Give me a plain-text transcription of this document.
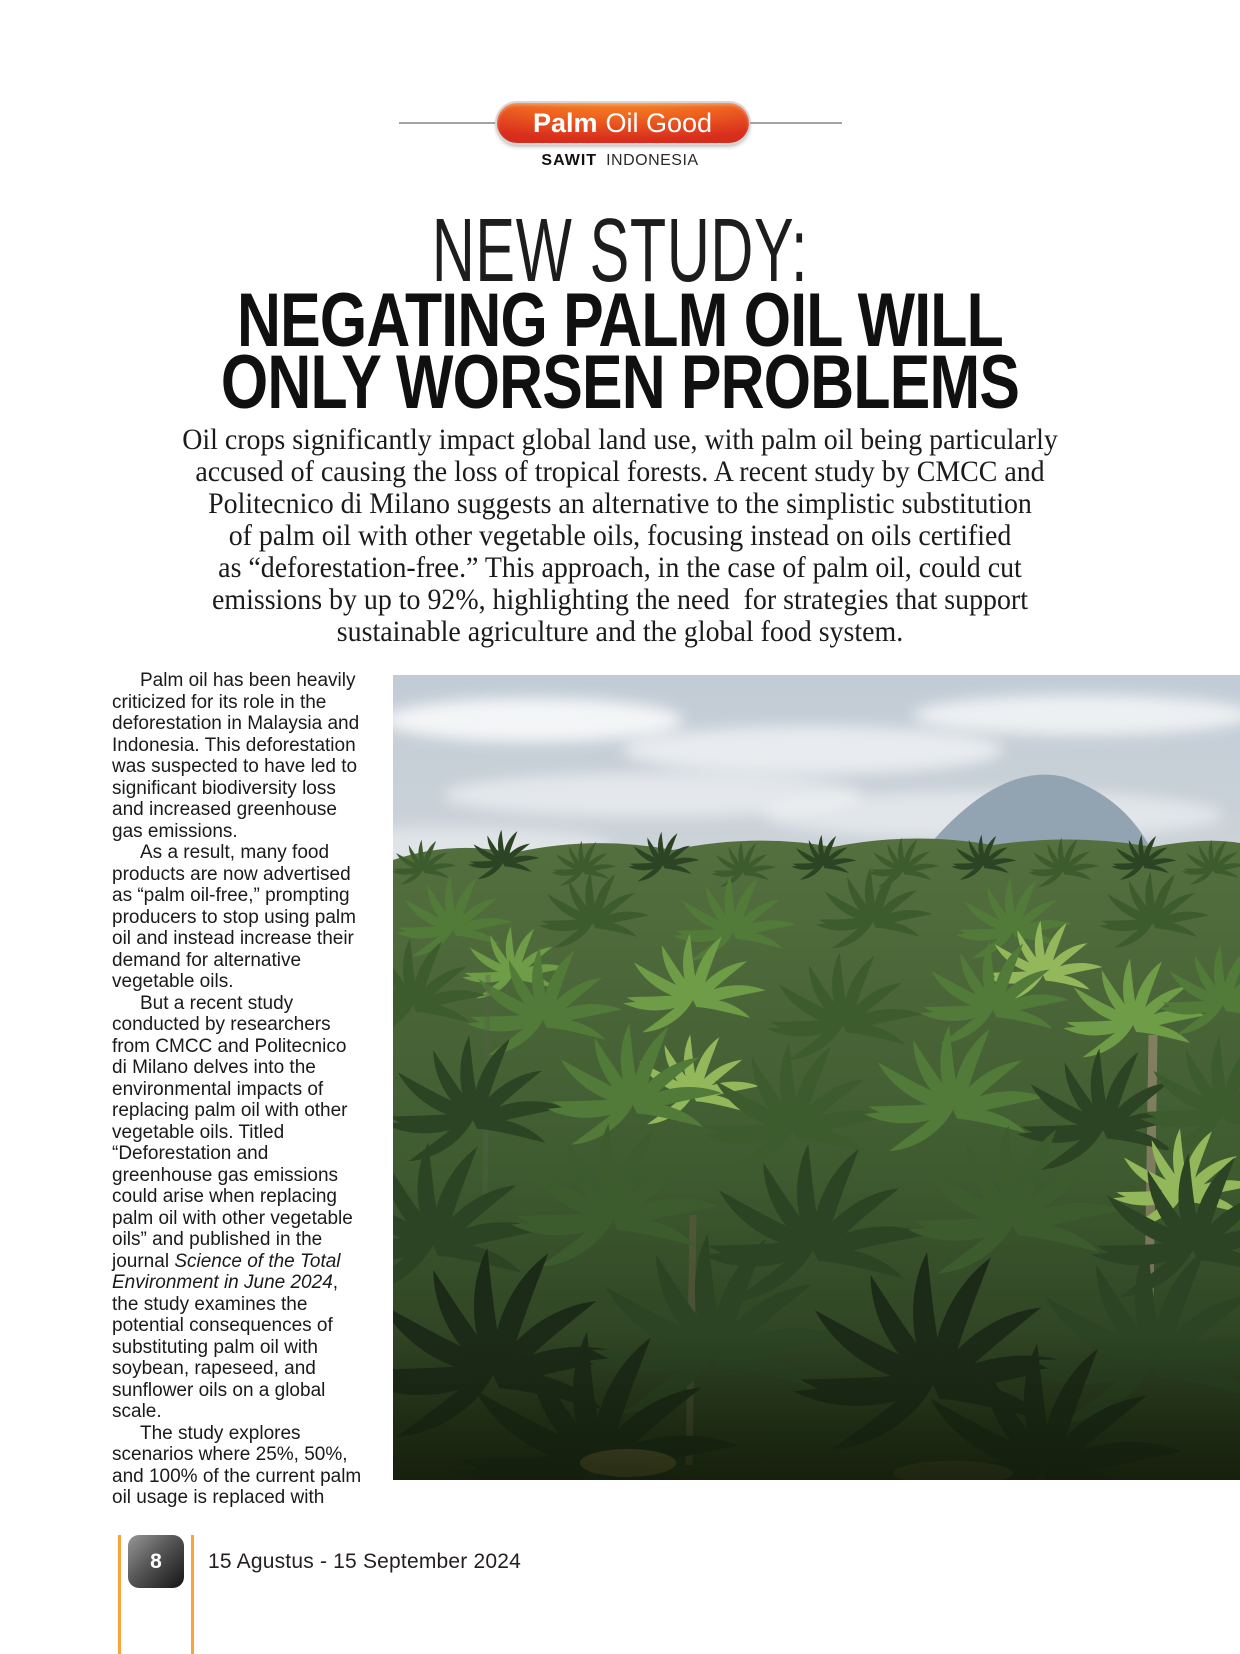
Palm Oil Good
SAWIT INDONESIA
NEW STUDY:
NEGATING PALM OIL WILL
ONLY WORSEN PROBLEMS
Oil crops significantly impact global land use, with palm oil being particularly
accused of causing the loss of tropical forests. A recent study by CMCC and
Politecnico di Milano suggests an alternative to the simplistic substitution
of palm oil with other vegetable oils, focusing instead on oils certified
as “deforestation-free.” This approach, in the case of palm oil, could cut
emissions by up to 92%, highlighting the need  for strategies that support
sustainable agriculture and the global food system.

Palm oil has been heavily criticized for its role in the deforestation in Malaysia and Indonesia. This deforestation was suspected to have led to significant biodiversity loss and increased greenhouse gas emissions.

As a result, many food products are now advertised as “palm oil-free,” prompting producers to stop using palm oil and instead increase their demand for alternative vegetable oils.

But a recent study conducted by researchers from CMCC and Politecnico di Milano delves into the environmental impacts of replacing palm oil with other vegetable oils. Titled “Deforestation and greenhouse gas emissions could arise when replacing palm oil with other vegetable oils” and published in the journal Science of the Total Environment in June 2024, the study examines the potential consequences of substituting palm oil with soybean, rapeseed, and sunflower oils on a global scale.

The study explores scenarios where 25%, 50%, and 100% of the current palm oil usage is replaced with

8 15 Agustus - 15 September 2024
